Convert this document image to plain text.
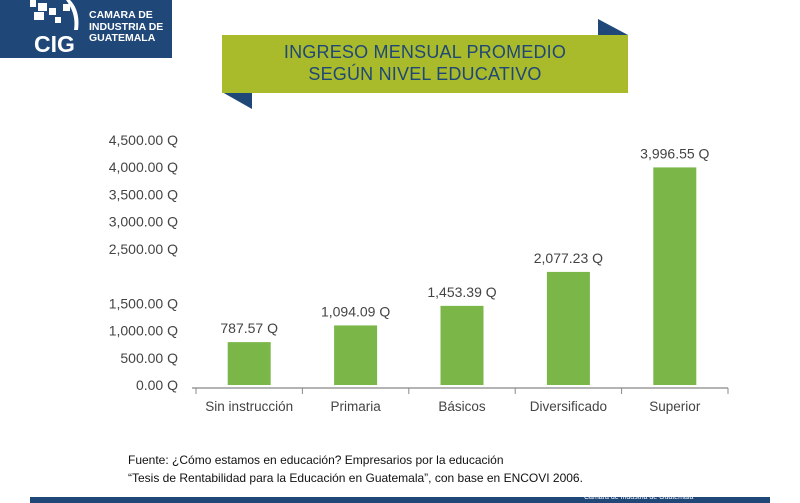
CIG
CAMARA DE
INDUSTRIA DE
GUATEMALA
INGRESO MENSUAL PROMEDIO
SEGÚN NIVEL EDUCATIVO
0.00 Q
500.00 Q
1,000.00 Q
1,500.00 Q
2,500.00 Q
3,000.00 Q
3,500.00 Q
4,000.00 Q
4,500.00 Q
787.57 Q
Sin instrucción
1,094.09 Q
Primaria
1,453.39 Q
Básicos
2,077.23 Q
Diversificado
3,996.55 Q
Superior
Fuente: ¿Cómo estamos en educación? Empresarios por la educación
“Tesis de Rentabilidad para la Educación en Guatemala”, con base en ENCOVI 2006.
Cámara de Industria de Guatemala
